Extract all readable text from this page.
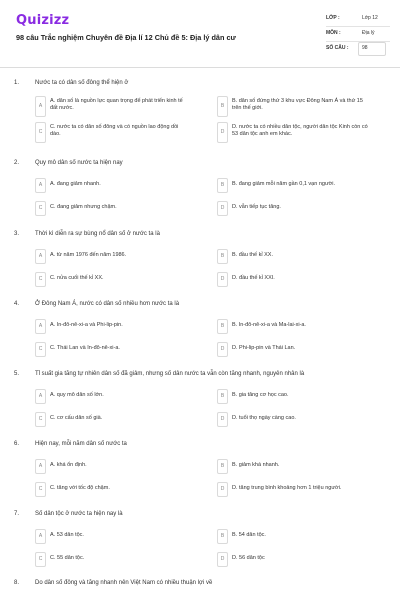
Quizizz
98 câu Trắc nghiệm Chuyên đề Địa lí 12 Chủ đề 5: Địa lý dân cư
LỚP :	Lớp 12
MÔN :	Địa lý
SỐ CÂU :	98
1.	Nước ta có dân số đông thể hiện ở
A
A. dân số là nguồn lực quan trọng để phát triển kinh tế đất nước.	B
B. dân số đứng thứ 3 khu vực Đông Nam Á và thứ 15 trên thế giới.
C
C. nước ta có dân số đông và có nguồn lao động dồi dào.	D
D. nước ta có nhiều dân tộc, người dân tộc Kinh còn có 53 dân tộc anh em khác.
2.	Quy mô dân số nước ta hiện nay
A	A. đang giảm nhanh.	B	B. đang giảm mỗi năm gần 0,1 vạn người.
C	C. đang giảm nhưng chậm.	D	D. vẫn tiếp tục tăng.
3.	Thời kì diễn ra sự bùng nổ dân số ở nước ta là
A	A. từ năm 1976 đến năm 1986.	B	B. đầu thế kỉ XX.
C	C. nửa cuối thế kỉ XX.	D	D. đầu thế kỉ XXI.
4.	Ở Đông Nam Á, nước có dân số nhiều hơn nước ta là
A	A. In-đô-nê-xi-a và Phi-lip-pin.	B	B. In-đô-nê-xi-a và Ma-lai-xi-a.
C	C. Thái Lan và In-đô-nê-xi-a.	D	D. Phi-lip-pin và Thái Lan.
5.	Tỉ suất gia tăng tự nhiên dân số đã giảm, nhưng số dân nước ta vẫn còn tăng nhanh, nguyên nhân là
A	A. quy mô dân số lớn.	B	B. gia tăng cơ học cao.
C	C. cơ cấu dân số già.	D	D. tuổi thọ ngày càng cao.
6.	Hiện nay, mỗi năm dân số nước ta
A	A. khá ổn định.	B	B. giảm khá nhanh.
C	C. tăng với tốc độ chậm.	D	D. tăng trung bình khoảng hơn 1 triệu người.
7.	Số dân tộc ở nước ta hiện nay là
A	A. 53 dân tộc.	B	B. 54 dân tộc.
C	C. 55 dân tộc.	D	D. 56 dân tộc
8.	Do dân số đông và tăng nhanh nên Việt Nam có nhiều thuận lợi về
